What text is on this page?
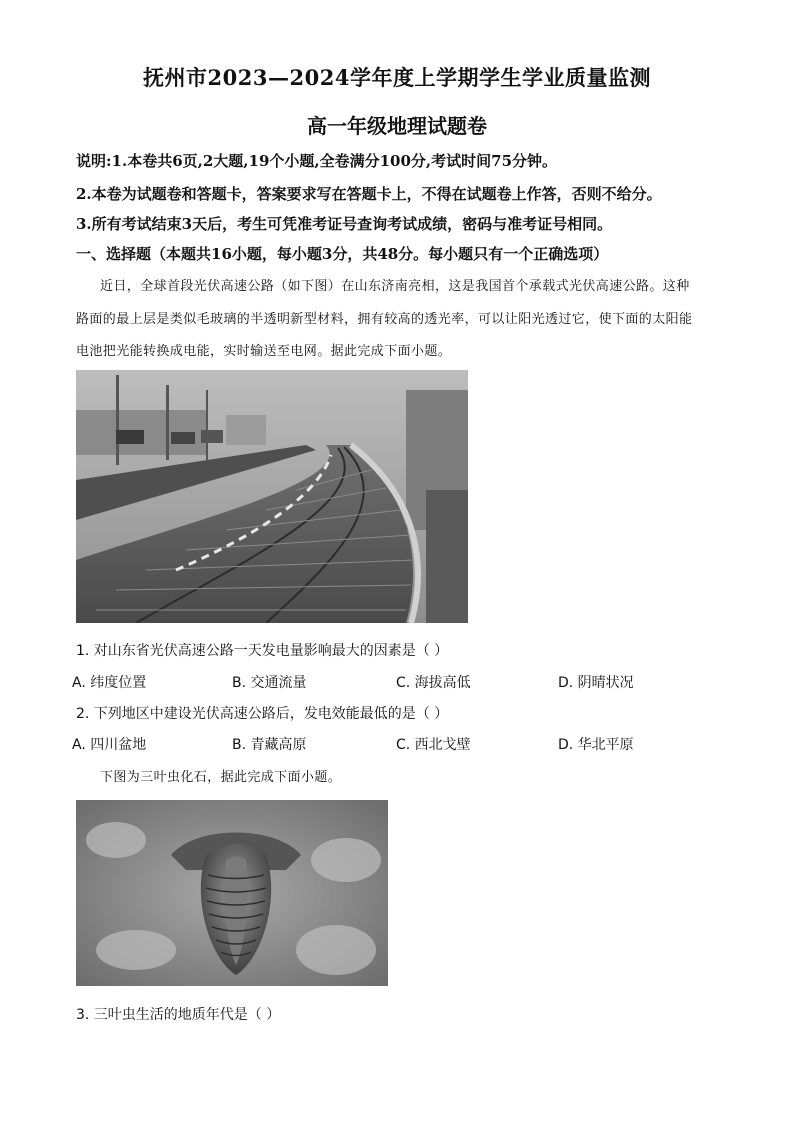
抚州市2023—2024学年度上学期学生学业质量监测
高一年级地理试题卷
说明:1.本卷共6页,2大题,19个小题,全卷满分100分,考试时间75分钟。
2.本卷为试题卷和答题卡，答案要求写在答题卡上，不得在试题卷上作答，否则不给分。
3.所有考试结束3天后，考生可凭准考证号查询考试成绩，密码与准考证号相同。
一、选择题（本题共16小题，每小题3分，共48分。每小题只有一个正确选项）
近日，全球首段光伏高速公路（如下图）在山东济南亮相，这是我国首个承载式光伏高速公路。这种
路面的最上层是类似毛玻璃的半透明新型材料，拥有较高的透光率，可以让阳光透过它，使下面的太阳能
电池把光能转换成电能，实时输送至电网。据此完成下面小题。
1. 对山东省光伏高速公路一天发电量影响最大的因素是（ ）
A. 纬度位置	B. 交通流量	C. 海拔高低	D. 阴晴状况
2. 下列地区中建设光伏高速公路后，发电效能最低的是（ ）
A. 四川盆地	B. 青藏高原	C. 西北戈壁	D. 华北平原
下图为三叶虫化石，据此完成下面小题。
3. 三叶虫生活的地质年代是（ ）
